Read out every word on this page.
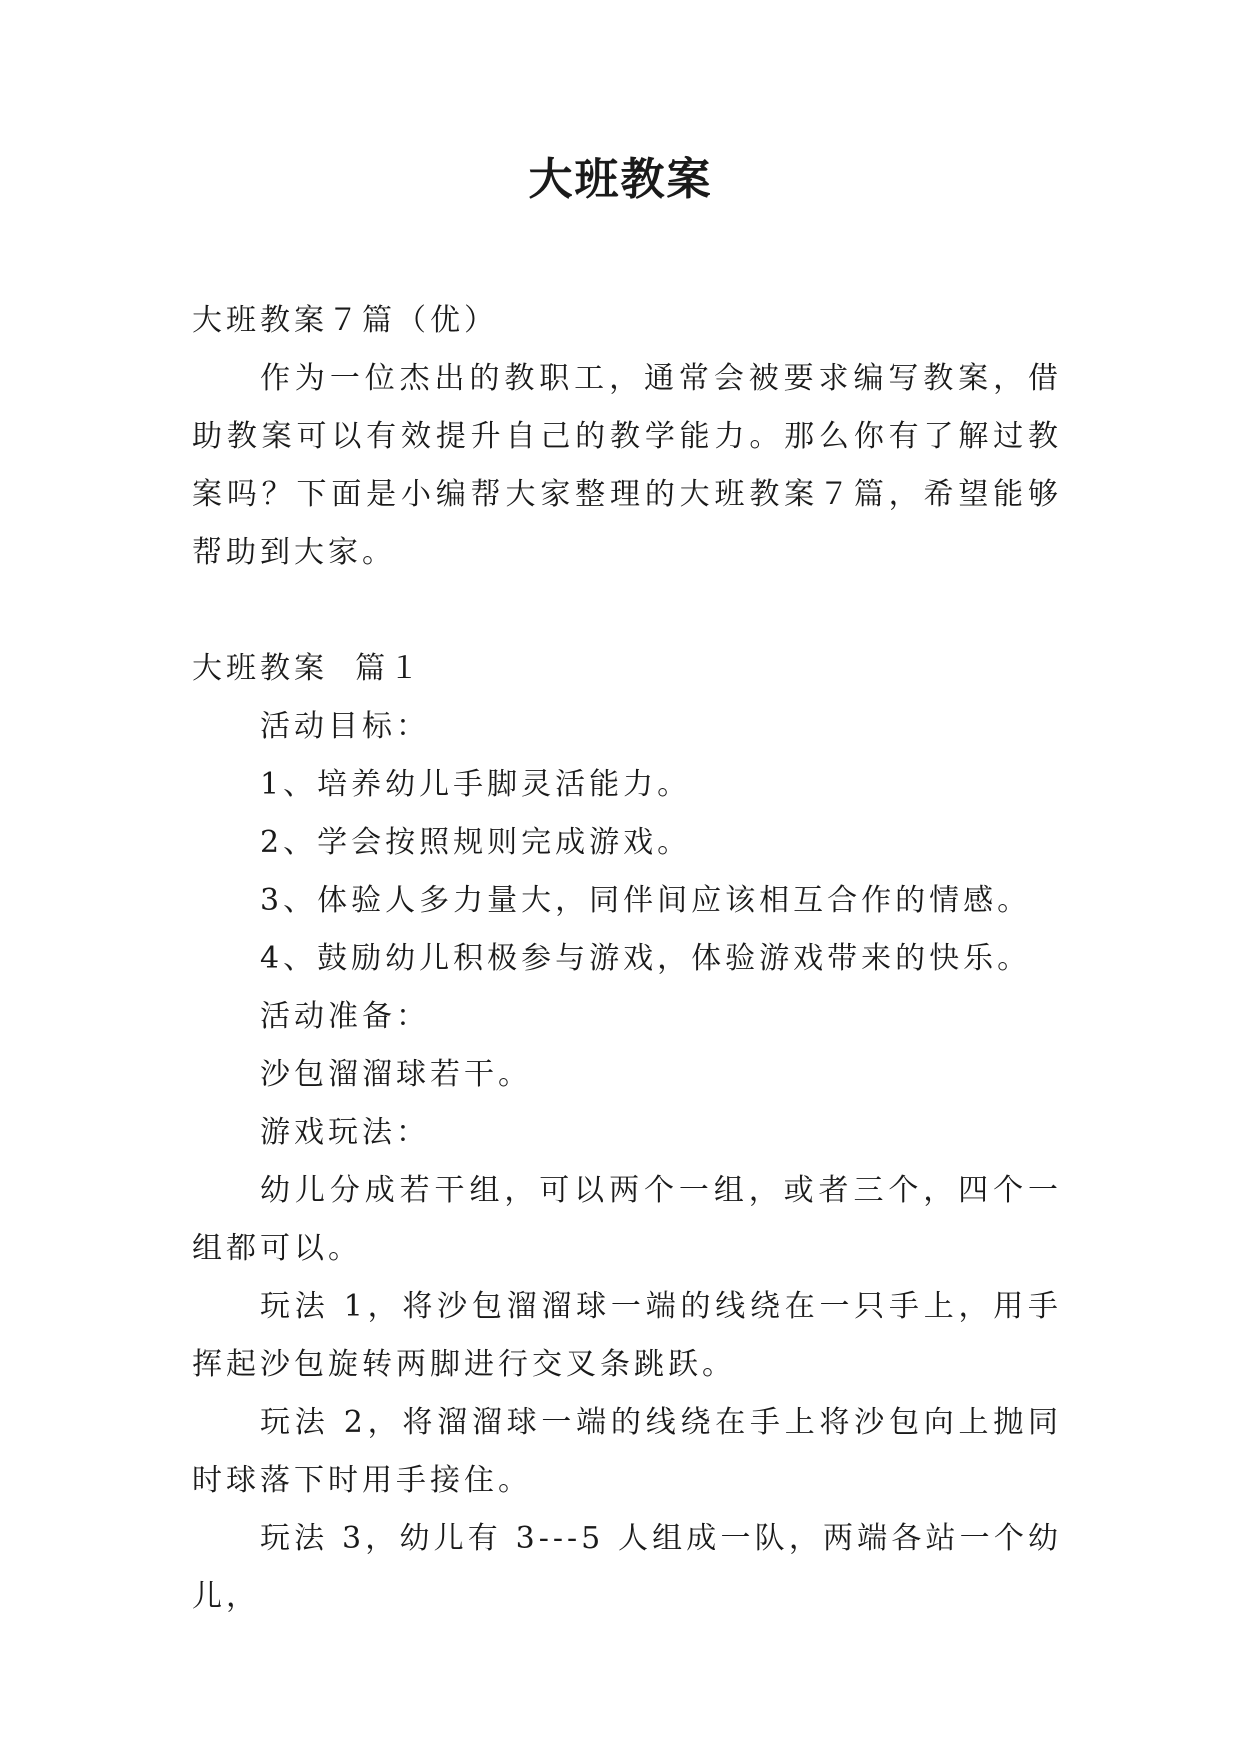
大班教案

大班教案７篇（优）

作为一位杰出的教职工，通常会被要求编写教案，借助教案可以有效提升自己的教学能力。那么你有了解过教案吗？下面是小编帮大家整理的大班教案７篇，希望能够帮助到大家。

大班教案  篇１

活动目标：

1、培养幼儿手脚灵活能力。

2、学会按照规则完成游戏。

3、体验人多力量大，同伴间应该相互合作的情感。

4、鼓励幼儿积极参与游戏，体验游戏带来的快乐。

活动准备：

沙包溜溜球若干。

游戏玩法：

幼儿分成若干组，可以两个一组，或者三个，四个一组都可以。

玩法 1，将沙包溜溜球一端的线绕在一只手上，用手挥起沙包旋转两脚进行交叉条跳跃。

玩法 2，将溜溜球一端的线绕在手上将沙包向上抛同时球落下时用手接住。

玩法 3，幼儿有 3---5 人组成一队，两端各站一个幼儿，
